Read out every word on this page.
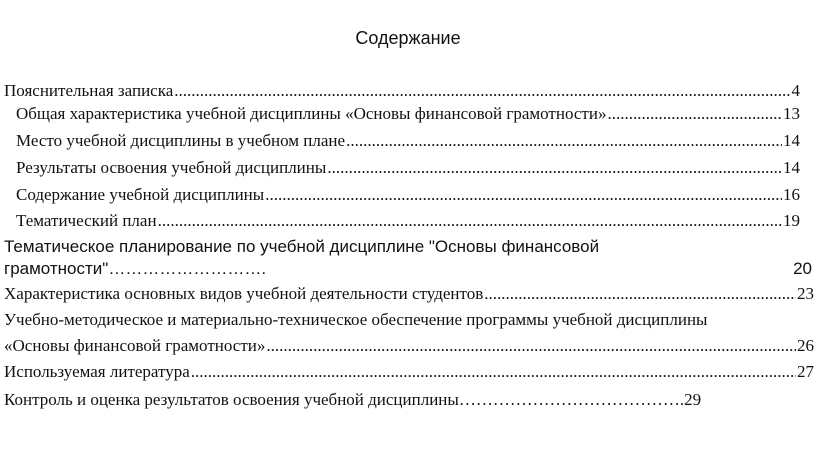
Содержание
Пояснительная записка .....	4
Общая характеристика учебной дисциплины «Основы финансовой грамотности» .....	13
Место учебной дисциплины в учебном плане .....	14
Результаты освоения учебной дисциплины .....	14
Содержание учебной дисциплины .....	16
Тематический план .....	19
Тематическое планирование по учебной дисциплине "Основы финансовой
грамотности"……………………….	20
Характеристика основных видов учебной деятельности студентов .....	23
Учебно-методическое и материально-техническое обеспечение программы учебной дисциплины
«Основы финансовой грамотности» .....	26
Используемая литература .....	27
Контроль и оценка результатов освоения учебной дисциплины………………………………… .29
